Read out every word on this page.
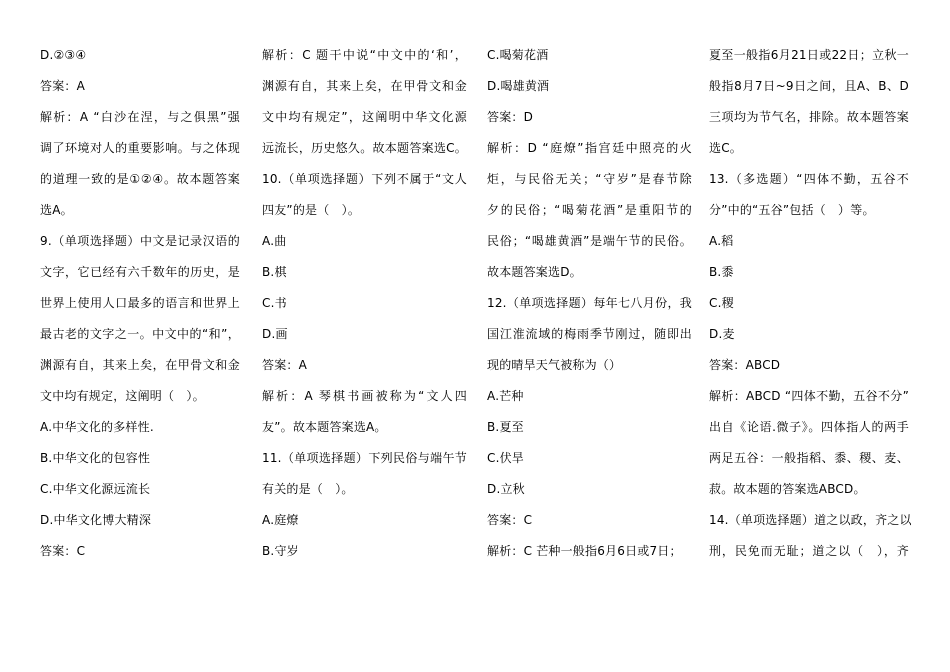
D.②③④
答案：A
解析：A “白沙在涅，与之俱黑”强
调了环境对人的重要影响。与之体现
的道理一致的是①②④。故本题答案
选A。
9.（单项选择题）中文是记录汉语的
文字，它已经有六千数年的历史，是
世界上使用人口最多的语言和世界上
最古老的文字之一。中文中的“和”，
渊源有自，其来上矣，在甲骨文和金
文中均有规定，这阐明（　）。
A.中华文化的多样性.
B.中华文化的包容性
C.中华文化源远流长
D.中华文化博大精深
答案：C
解析：C 题干中说“中文中的‘和’，
渊源有自，其来上矣，在甲骨文和金
文中均有规定”，这阐明中华文化源
远流长，历史悠久。故本题答案选C。
10.（单项选择题）下列不属于“文人
四友”的是（　）。
A.曲
B.棋
C.书
D.画
答案：A
解析：A 琴棋书画被称为“文人四
友”。故本题答案选A。
11.（单项选择题）下列民俗与端午节
有关的是（　）。
A.庭燎
B.守岁
C.喝菊花酒
D.喝雄黄酒
答案：D
解析：D “庭燎”指宫廷中照亮的火
炬，与民俗无关；“守岁”是春节除
夕的民俗；“喝菊花酒”是重阳节的
民俗；“喝雄黄酒”是端午节的民俗。
故本题答案选D。
12.（单项选择题）每年七八月份，我
国江淮流域的梅雨季节刚过，随即出
现的晴旱天气被称为（）
A.芒种
B.夏至
C.伏旱
D.立秋
答案：C
解析：C 芒种一般指6月6日或7日；
夏至一般指6月21日或22日；立秋一
般指8月7日~9日之间，且A、B、D
三项均为节气名，排除。故本题答案
选C。
13.（多选题）“四体不勤，五谷不
分”中的“五谷”包括（　）等。
A.稻
B.黍
C.稷
D.麦
答案：ABCD
解析：ABCD “四体不勤，五谷不分”
出自《论语.微子》。四体指人的两手
两足五谷：一般指稻、黍、稷、麦、
菽。故本题的答案选ABCD。
14.（单项选择题）道之以政，齐之以
刑，民免而无耻；道之以（　），齐
